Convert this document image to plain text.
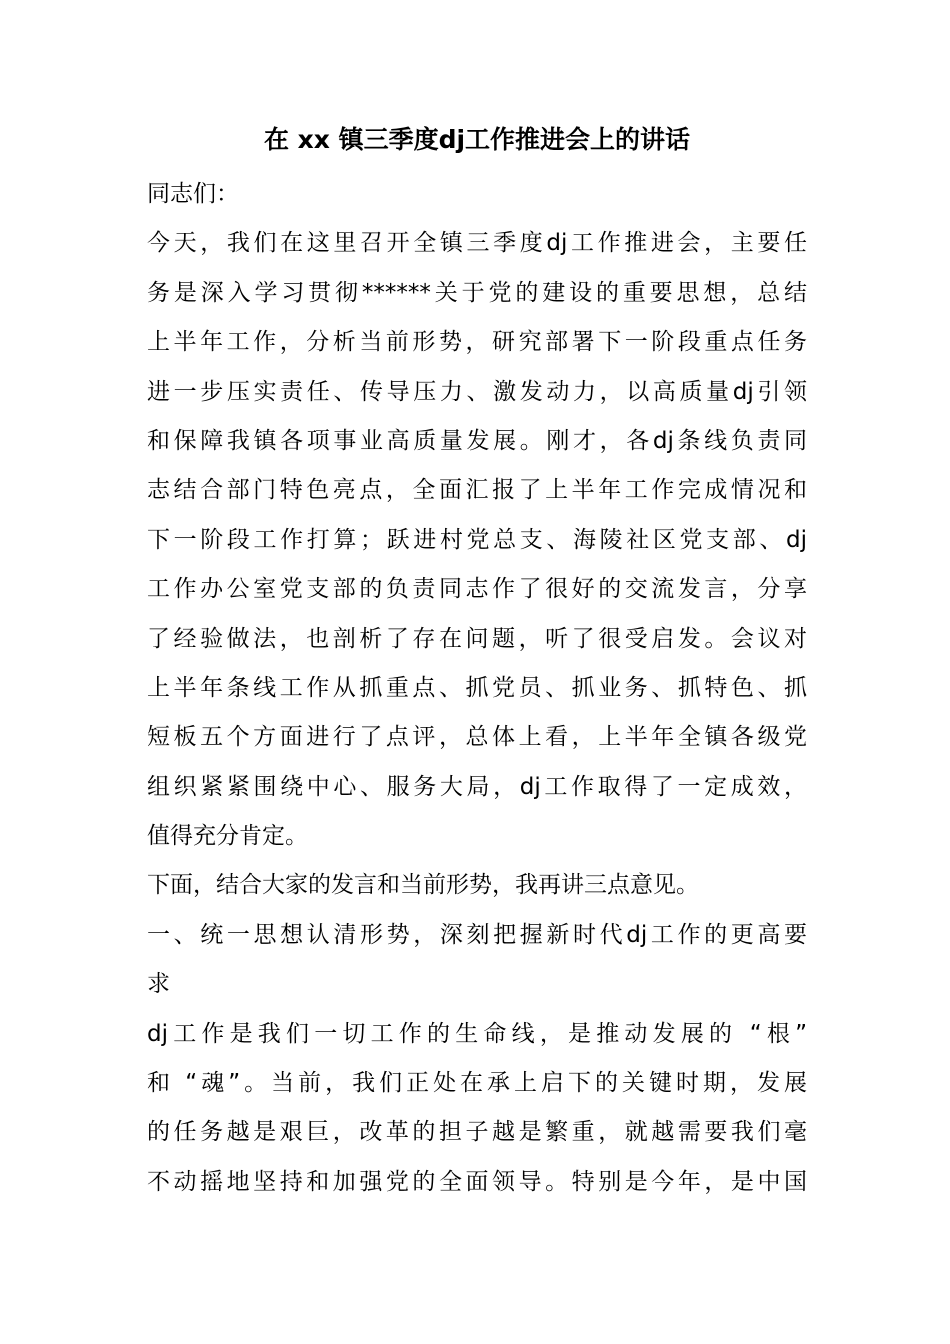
在 xx 镇三季度dj工作推进会上的讲话
同志们：
今天，我们在这里召开全镇三季度dj工作推进会，主要任
务是深入学习贯彻******关于党的建设的重要思想，总结
上半年工作，分析当前形势，研究部署下一阶段重点任务
进一步压实责任、传导压力、激发动力，以高质量dj引领
和保障我镇各项事业高质量发展。刚才，各dj条线负责同
志结合部门特色亮点，全面汇报了上半年工作完成情况和
下一阶段工作打算；跃进村党总支、海陵社区党支部、dj
工作办公室党支部的负责同志作了很好的交流发言，分享
了经验做法，也剖析了存在问题，听了很受启发。会议对
上半年条线工作从抓重点、抓党员、抓业务、抓特色、抓
短板五个方面进行了点评，总体上看，上半年全镇各级党
组织紧紧围绕中心、服务大局，dj工作取得了一定成效，
值得充分肯定。
下面，结合大家的发言和当前形势，我再讲三点意见。
一、统一思想认清形势，深刻把握新时代dj工作的更高要
求
dj工作是我们一切工作的生命线，是推动发展的 “根”
和 “魂”。当前，我们正处在承上启下的关键时期，发展
的任务越是艰巨，改革的担子越是繁重，就越需要我们毫
不动摇地坚持和加强党的全面领导。特别是今年，是中国
